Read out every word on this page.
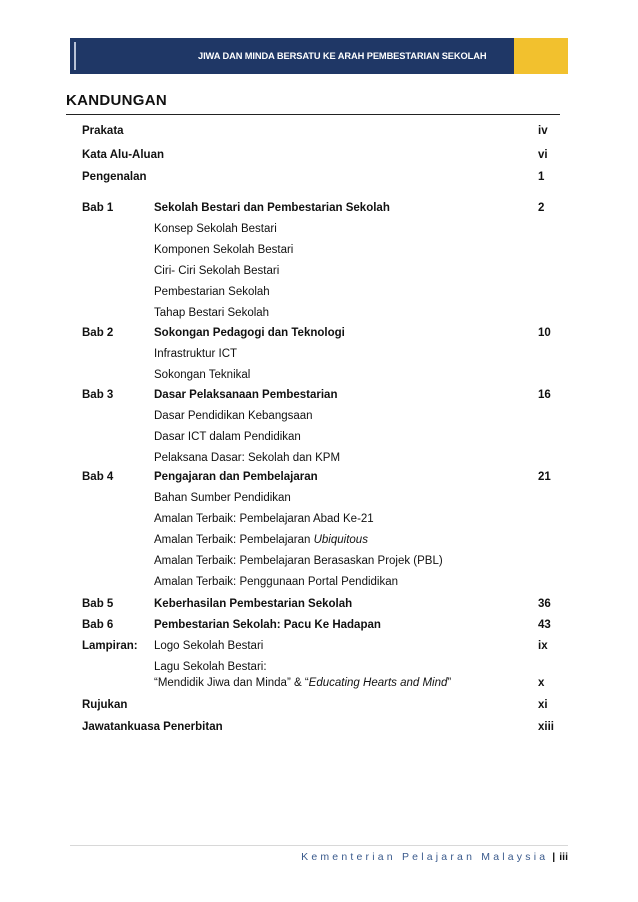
JIWA DAN MINDA BERSATU KE ARAH PEMBESTARIAN SEKOLAH
KANDUNGAN
Prakata	iv
Kata Alu-Aluan	vi
Pengenalan	1
Bab 1	Sekolah Bestari dan Pembestarian Sekolah	2
Konsep Sekolah Bestari
Komponen Sekolah Bestari
Ciri- Ciri Sekolah Bestari
Pembestarian Sekolah
Tahap Bestari Sekolah
Bab 2	Sokongan Pedagogi dan Teknologi	10
Infrastruktur ICT
Sokongan Teknikal
Bab 3	Dasar Pelaksanaan Pembestarian	16
Dasar Pendidikan Kebangsaan
Dasar ICT dalam Pendidikan
Pelaksana Dasar: Sekolah dan KPM
Bab 4	Pengajaran dan Pembelajaran	21
Bahan Sumber Pendidikan
Amalan Terbaik: Pembelajaran Abad Ke-21
Amalan Terbaik: Pembelajaran Ubiquitous
Amalan Terbaik: Pembelajaran Berasaskan Projek (PBL)
Amalan Terbaik: Penggunaan Portal Pendidikan
Bab 5	Keberhasilan Pembestarian Sekolah	36
Bab 6	Pembestarian Sekolah: Pacu Ke Hadapan	43
Lampiran: Logo Sekolah Bestari	ix
Lagu Sekolah Bestari:
“Mendidik Jiwa dan Minda” & “Educating Hearts and Mind”	x
Rujukan	xi
Jawatankuasa Penerbitan	xiii
Kementerian Pelajaran Malaysia | iii
